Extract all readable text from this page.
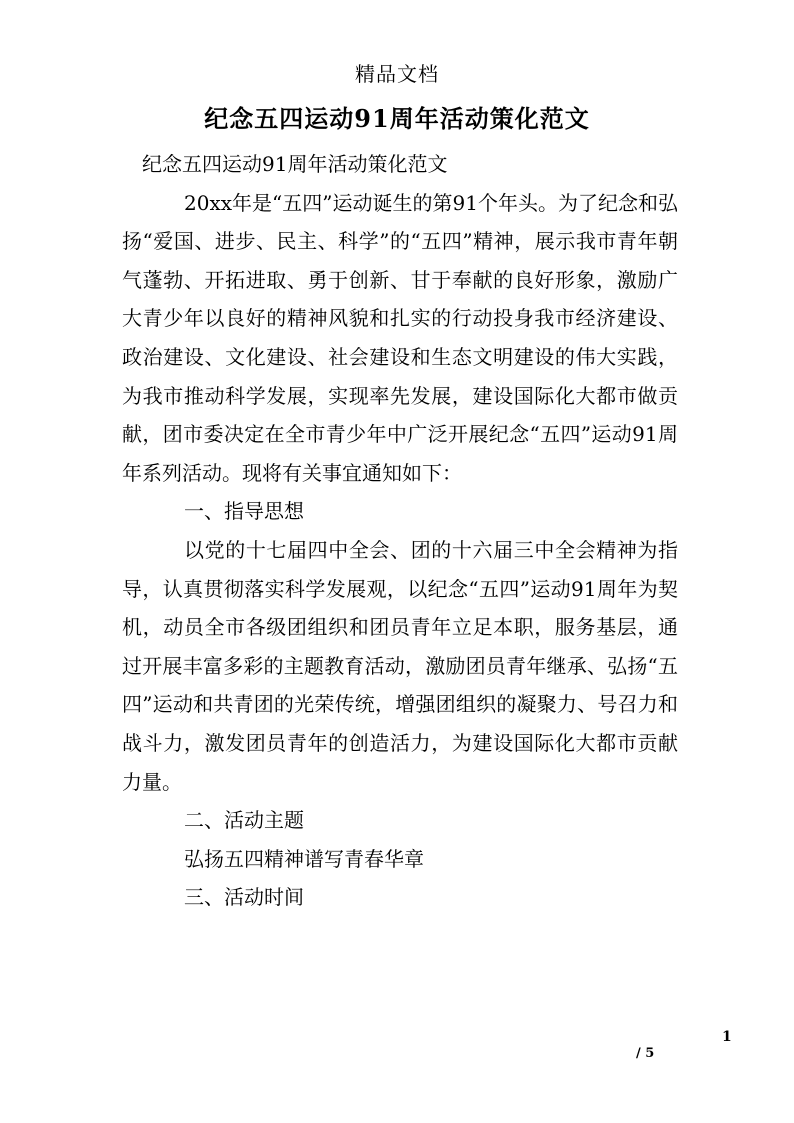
精品文档
纪念五四运动91周年活动策化范文

纪念五四运动91周年活动策化范文

20xx年是“五四”运动诞生的第91个年头。为了纪念和弘扬“爱国、进步、民主、科学”的“五四”精神，展示我市青年朝气蓬勃、开拓进取、勇于创新、甘于奉献的良好形象，激励广大青少年以良好的精神风貌和扎实的行动投身我市经济建设、政治建设、文化建设、社会建设和生态文明建设的伟大实践，为我市推动科学发展，实现率先发展，建设国际化大都市做贡献，团市委决定在全市青少年中广泛开展纪念“五四”运动91周年系列活动。现将有关事宜通知如下：

一、指导思想

以党的十七届四中全会、团的十六届三中全会精神为指导，认真贯彻落实科学发展观，以纪念“五四”运动91周年为契机，动员全市各级团组织和团员青年立足本职，服务基层，通过开展丰富多彩的主题教育活动，激励团员青年继承、弘扬“五四”运动和共青团的光荣传统，增强团组织的凝聚力、号召力和战斗力，激发团员青年的创造活力，为建设国际化大都市贡献力量。

二、活动主题

弘扬五四精神谱写青春华章

三、活动时间

1
/ 5
